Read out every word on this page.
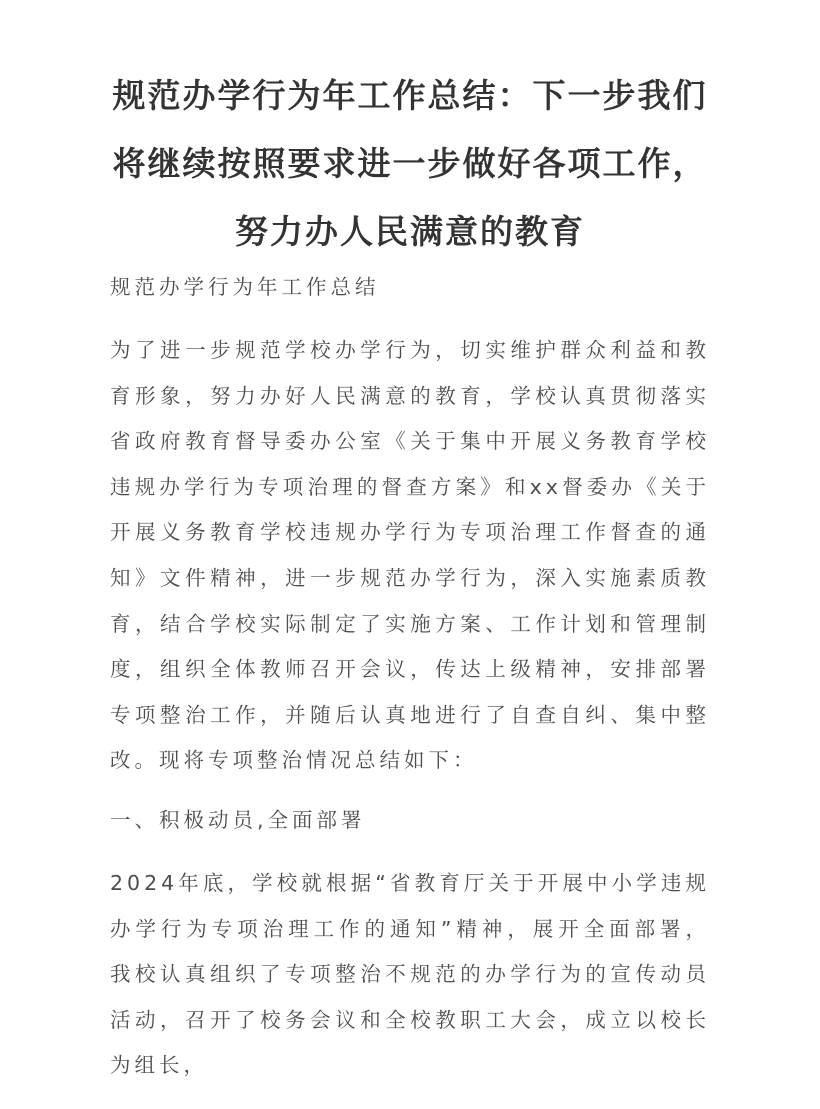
规范办学行为年工作总结：下一步我们将继续按照要求进一步做好各项工作，努力办人民满意的教育

规范办学行为年工作总结

为了进一步规范学校办学行为，切实维护群众利益和教育形象，努力办好人民满意的教育，学校认真贯彻落实省政府教育督导委办公室《关于集中开展义务教育学校违规办学行为专项治理的督查方案》和xx督委办《关于开展义务教育学校违规办学行为专项治理工作督查的通知》文件精神，进一步规范办学行为，深入实施素质教育，结合学校实际制定了实施方案、工作计划和管理制度，组织全体教师召开会议，传达上级精神，安排部署专项整治工作，并随后认真地进行了自查自纠、集中整改。现将专项整治情况总结如下：

一、积极动员,全面部署

2024年底，学校就根据“省教育厅关于开展中小学违规办学行为专项治理工作的通知”精神，展开全面部署，我校认真组织了专项整治不规范的办学行为的宣传动员活动，召开了校务会议和全校教职工大会，成立以校长为组长，
